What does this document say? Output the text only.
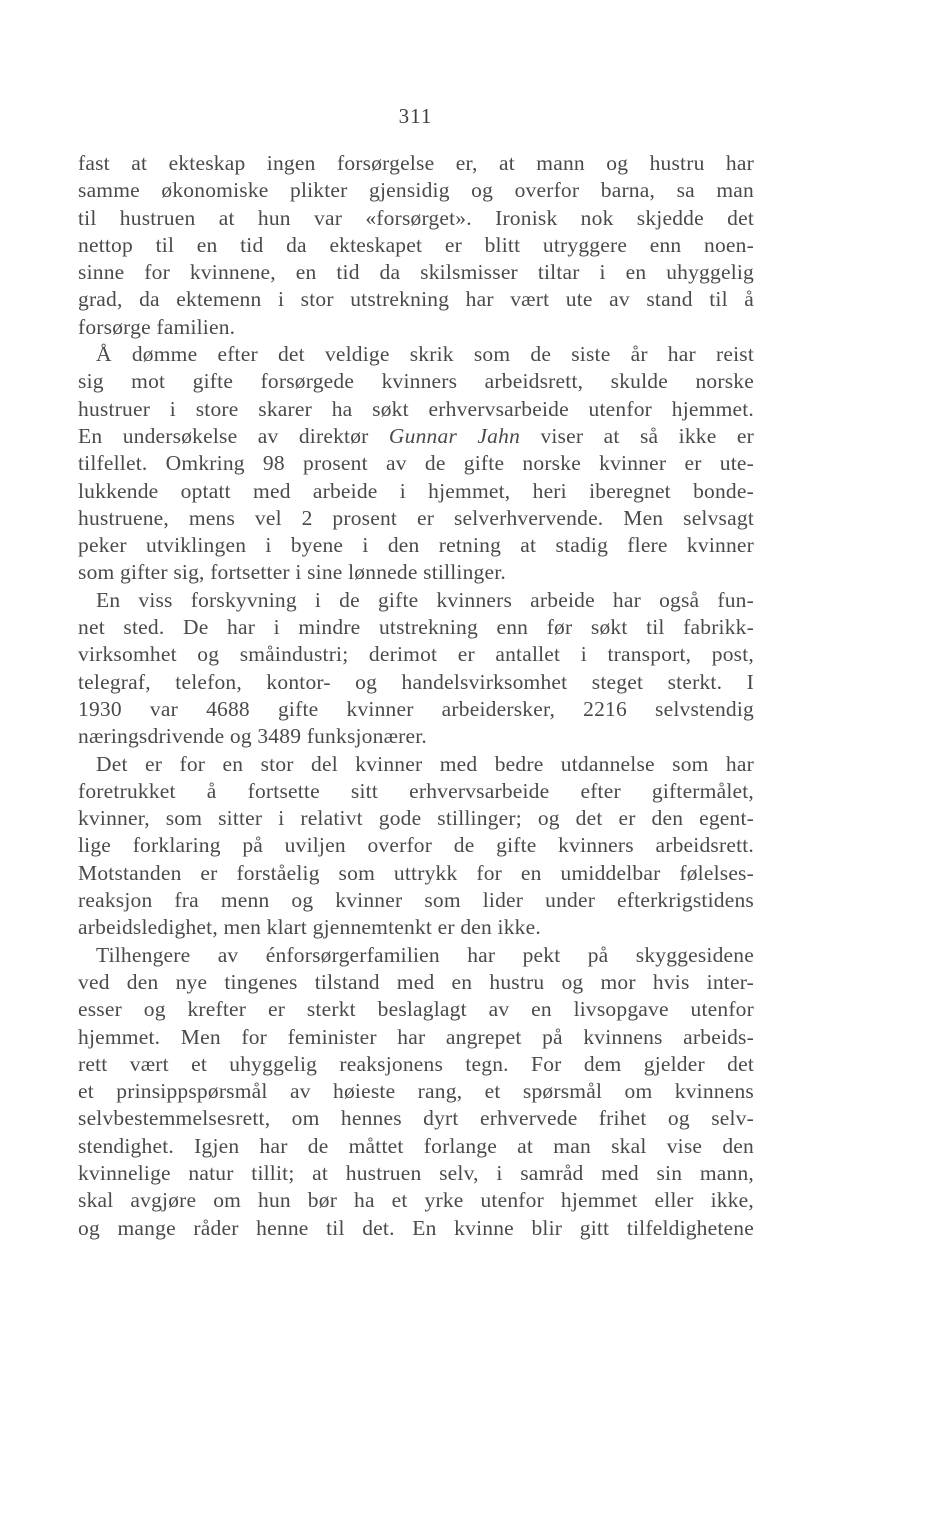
311
fast at ekteskap ingen forsørgelse er, at mann og hustru har
samme økonomiske plikter gjensidig og overfor barna, sa man
til hustruen at hun var «forsørget». Ironisk nok skjedde det
nettop til en tid da ekteskapet er blitt utryggere enn noen-
sinne for kvinnene, en tid da skilsmisser tiltar i en uhyggelig
grad, da ektemenn i stor utstrekning har vært ute av stand til å
forsørge familien.
Å dømme efter det veldige skrik som de siste år har reist
sig mot gifte forsørgede kvinners arbeidsrett, skulde norske
hustruer i store skarer ha søkt erhvervsarbeide utenfor hjemmet.
En undersøkelse av direktør Gunnar Jahn viser at så ikke er
tilfellet. Omkring 98 prosent av de gifte norske kvinner er ute-
lukkende optatt med arbeide i hjemmet, heri iberegnet bonde-
hustruene, mens vel 2 prosent er selverhvervende. Men selvsagt
peker utviklingen i byene i den retning at stadig flere kvinner
som gifter sig, fortsetter i sine lønnede stillinger.
En viss forskyvning i de gifte kvinners arbeide har også fun-
net sted. De har i mindre utstrekning enn før søkt til fabrikk-
virksomhet og småindustri; derimot er antallet i transport, post,
telegraf, telefon, kontor- og handelsvirksomhet steget sterkt. I
1930 var 4688 gifte kvinner arbeidersker, 2216 selvstendig
næringsdrivende og 3489 funksjonærer.
Det er for en stor del kvinner med bedre utdannelse som har
foretrukket å fortsette sitt erhvervsarbeide efter giftermålet,
kvinner, som sitter i relativt gode stillinger; og det er den egent-
lige forklaring på uviljen overfor de gifte kvinners arbeidsrett.
Motstanden er forståelig som uttrykk for en umiddelbar følelses-
reaksjon fra menn og kvinner som lider under efterkrigstidens
arbeidsledighet, men klart gjennemtenkt er den ikke.
Tilhengere av énforsørgerfamilien har pekt på skyggesidene
ved den nye tingenes tilstand med en hustru og mor hvis inter-
esser og krefter er sterkt beslaglagt av en livsopgave utenfor
hjemmet. Men for feminister har angrepet på kvinnens arbeids-
rett vært et uhyggelig reaksjonens tegn. For dem gjelder det
et prinsippspørsmål av høieste rang, et spørsmål om kvinnens
selvbestemmelsesrett, om hennes dyrt erhvervede frihet og selv-
stendighet. Igjen har de måttet forlange at man skal vise den
kvinnelige natur tillit; at hustruen selv, i samråd med sin mann,
skal avgjøre om hun bør ha et yrke utenfor hjemmet eller ikke,
og mange råder henne til det. En kvinne blir gitt tilfeldighetene
